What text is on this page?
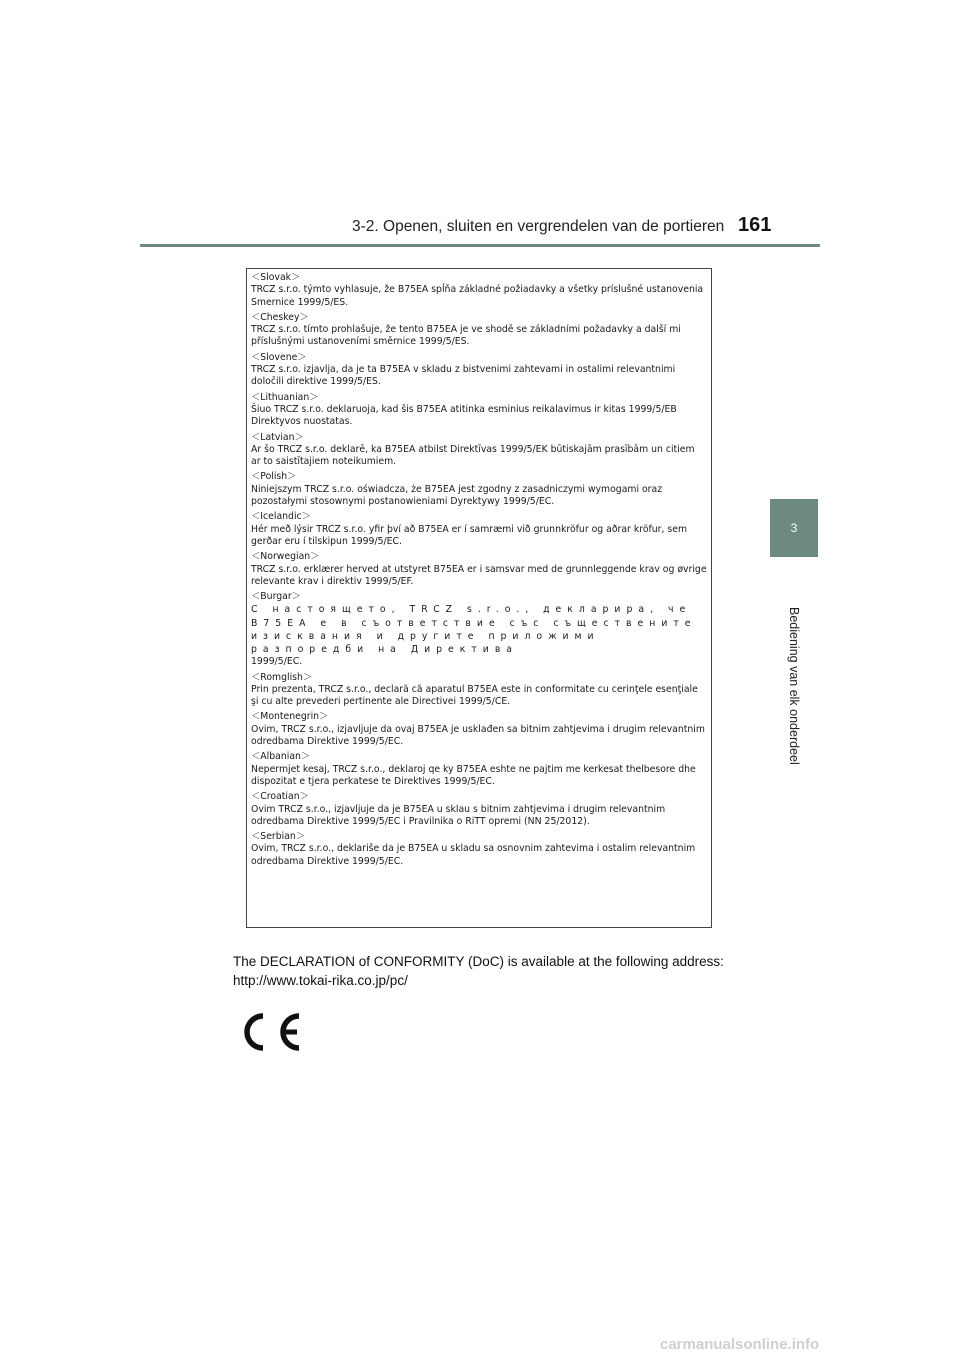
3-2. Openen, sluiten en vergrendelen van de portieren 161
3
Bediening van elk onderdeel
＜Slovak＞
TRCZ s.r.o. týmto vyhlasuje, že B75EA spĺňa základné požiadavky a všetky príslušné ustanovenia Smernice 1999/5/ES.
＜Cheskey＞
TRCZ s.r.o. tímto prohlašuje, že tento B75EA je ve shodě se základními požadavky a další mi příslušnými ustanoveními směrnice 1999/5/ES.
＜Slovene＞
TRCZ s.r.o. izjavlja, da je ta B75EA v skladu z bistvenimi zahtevami in ostalimi relevantnimi določili direktive 1999/5/ES.
＜Lithuanian＞
Šiuo TRCZ s.r.o. deklaruoja, kad šis B75EA atitinka esminius reikalavimus ir kitas 1999/5/EB Direktyvos nuostatas.
＜Latvian＞
Ar šo TRCZ s.r.o. deklarē, ka B75EA atbilst Direktīvas 1999/5/EK būtiskajām prasībām un citiem ar to saistītajiem noteikumiem.
＜Polish＞
Niniejszym TRCZ s.r.o. oświadcza, że B75EA jest zgodny z zasadniczymi wymogami oraz pozostałymi stosownymi postanowieniami Dyrektywy 1999/5/EC.
＜Icelandic＞
Hér með lýsir TRCZ s.r.o. yfir því að B75EA er í samræmi við grunnkröfur og aðrar kröfur, sem gerðar eru í tilskipun 1999/5/EC.
＜Norwegian＞
TRCZ s.r.o. erklærer herved at utstyret B75EA er i samsvar med de grunnleggende krav og øvrige relevante krav i direktiv 1999/5/EF.
＜Burgar＞
С настоящето, TRCZ s.r.o., декларира, че B75EA е в съответствие със съществените изисквания и другите приложими разпоредби на Директива
1999/5/ЕС.
＜Romglish＞
Prin prezenta, TRCZ s.r.o., declară că aparatul B75EA este in conformitate cu cerinţele esenţiale şi cu alte prevederi pertinente ale Directivei 1999/5/CE.
＜Montenegrin＞
Ovim, TRCZ s.r.o., izjavljuje da ovaj B75EA je usklađen sa bitnim zahtjevima i drugim relevantnim odredbama Direktive 1999/5/EC.
＜Albanian＞
Nepermjet kesaj, TRCZ s.r.o., deklaroj qe ky B75EA eshte ne pajtim me kerkesat thelbesore dhe dispozitat e tjera perkatese te Direktives 1999/5/EC.
＜Croatian＞
Ovim TRCZ s.r.o., izjavljuje da je B75EA u sklau s bitnim zahtjevima i drugim relevantnim odredbama Direktive 1999/5/EC i Pravilnika o RiTT opremi (NN 25/2012).
＜Serbian＞
Ovim, TRCZ s.r.o., deklariše da je B75EA u skladu sa osnovnim zahtevima i ostalim relevantnim odredbama Direktive 1999/5/EC.
The DECLARATION of CONFORMITY (DoC) is available at the following address:
http://www.tokai-rika.co.jp/pc/
carmanualsonline.info
